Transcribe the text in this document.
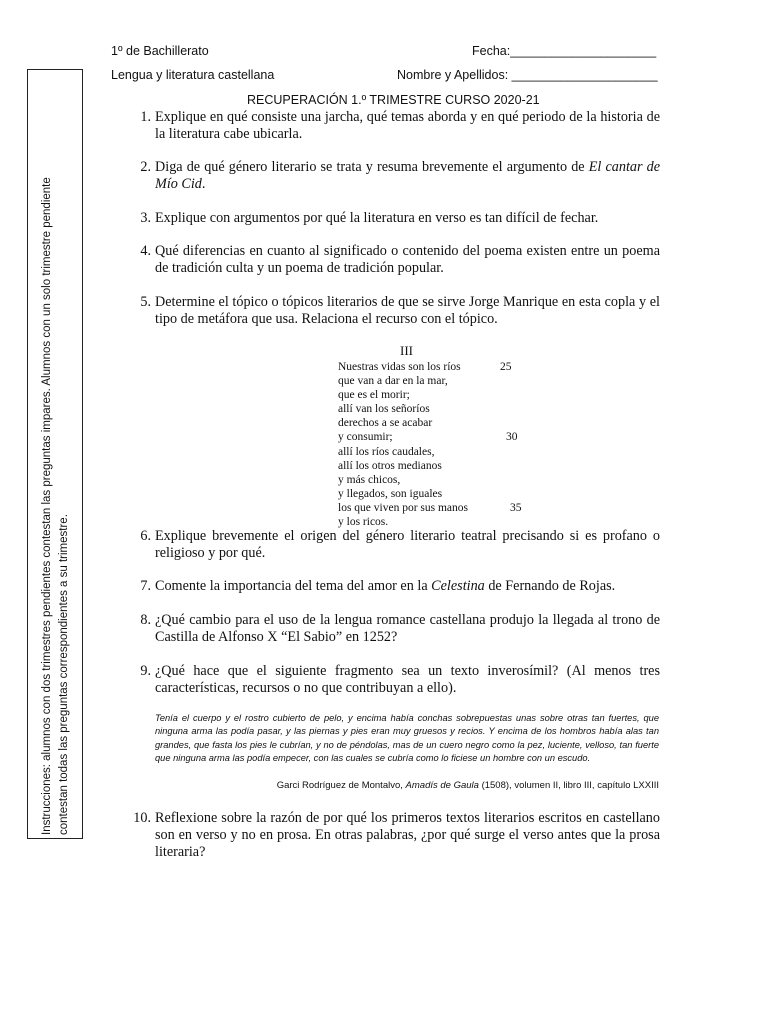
1º de Bachillerato	Fecha:_____________________
Lengua y literatura castellana	Nombre y Apellidos: _____________________
Instrucciones: alumnos con dos trimestres pendientes contestan las preguntas impares. Alumnos con un solo trimestre pendiente contestan todas las preguntas correspondientes a su trimestre.
RECUPERACIÓN 1.º TRIMESTRE CURSO 2020-21
1. Explique en qué consiste una jarcha, qué temas aborda y en qué periodo de la historia de la literatura cabe ubicarla.
2. Diga de qué género literario se trata y resuma brevemente el argumento de El cantar de Mío Cid.
3. Explique con argumentos por qué la literatura en verso es tan difícil de fechar.
4. Qué diferencias en cuanto al significado o contenido del poema existen entre un poema de tradición culta y un poema de tradición popular.
5. Determine el tópico o tópicos literarios de que se sirve Jorge Manrique en esta copla y el tipo de metáfora que usa. Relaciona el recurso con el tópico.
III
Nuestras vidas son los ríos	25
que van a dar en la mar,
que es el morir;
allí van los señoríos
derechos a se acabar
y consumir;	30
allí los ríos caudales,
allí los otros medianos
y más chicos,
y llegados, son iguales
los que viven por sus manos	35
y los ricos.
6. Explique brevemente el origen del género literario teatral precisando si es profano o religioso y por qué.
7. Comente la importancia del tema del amor en la Celestina de Fernando de Rojas.
8. ¿Qué cambio para el uso de la lengua romance castellana produjo la llegada al trono de Castilla de Alfonso X “El Sabio” en 1252?
9. ¿Qué hace que el siguiente fragmento sea un texto inverosímil? (Al menos tres características, recursos o no que contribuyan a ello).
Tenía el cuerpo y el rostro cubierto de pelo, y encima había conchas sobrepuestas unas sobre otras tan fuertes, que ninguna arma las podía pasar, y las piernas y pies eran muy gruesos y recios. Y encima de los hombros había alas tan grandes, que fasta los pies le cubrían, y no de péndolas, mas de un cuero negro como la pez, luciente, velloso, tan fuerte que ninguna arma las podía empecer, con las cuales se cubría como lo ficiese un hombre con un escudo.
Garci Rodríguez de Montalvo, Amadís de Gaula (1508), volumen II, libro III, capítulo LXXIII
10. Reflexione sobre la razón de por qué los primeros textos literarios escritos en castellano son en verso y no en prosa. En otras palabras, ¿por qué surge el verso antes que la prosa literaria?
